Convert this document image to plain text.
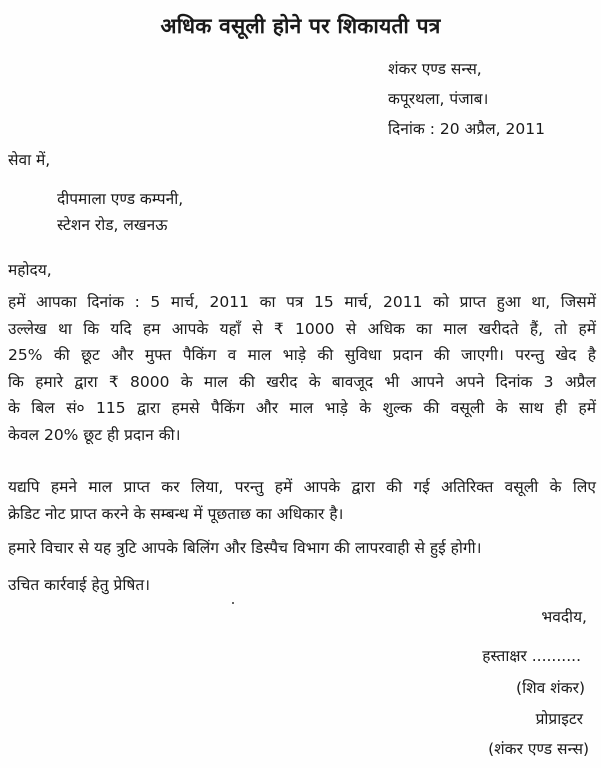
अधिक वसूली होने पर शिकायती पत्र
शंकर एण्ड सन्स,
कपूरथला, पंजाब।
दिनांक : 20 अप्रैल, 2011
सेवा में,
दीपमाला एण्ड कम्पनी,
स्टेशन रोड, लखनऊ
महोदय,
हमें आपका दिनांक : 5 मार्च, 2011 का पत्र 15 मार्च, 2011 को प्राप्त हुआ था, जिसमें
उल्लेख था कि यदि हम आपके यहाँ से ₹ 1000 से अधिक का माल खरीदते हैं, तो हमें
25% की छूट और मुफ्त पैकिंग व माल भाड़े की सुविधा प्रदान की जाएगी। परन्तु खेद है
कि हमारे द्वारा ₹ 8000 के माल की खरीद के बावजूद भी आपने अपने दिनांक 3 अप्रैल
के बिल सं० 115 द्वारा हमसे पैकिंग और माल भाड़े के शुल्क की वसूली के साथ ही हमें
केवल 20% छूट ही प्रदान की।
यद्यपि हमने माल प्राप्त कर लिया, परन्तु हमें आपके द्वारा की गई अतिरिक्त वसूली के लिए
क्रेडिट नोट प्राप्त करने के सम्बन्ध में पूछताछ का अधिकार है।
हमारे विचार से यह त्रुटि आपके बिलिंग और डिस्पैच विभाग की लापरवाही से हुई होगी।
उचित कार्रवाई हेतु प्रेषित।
भवदीय,
हस्ताक्षर ..........
(शिव शंकर)
प्रोप्राइटर
(शंकर एण्ड सन्स)
